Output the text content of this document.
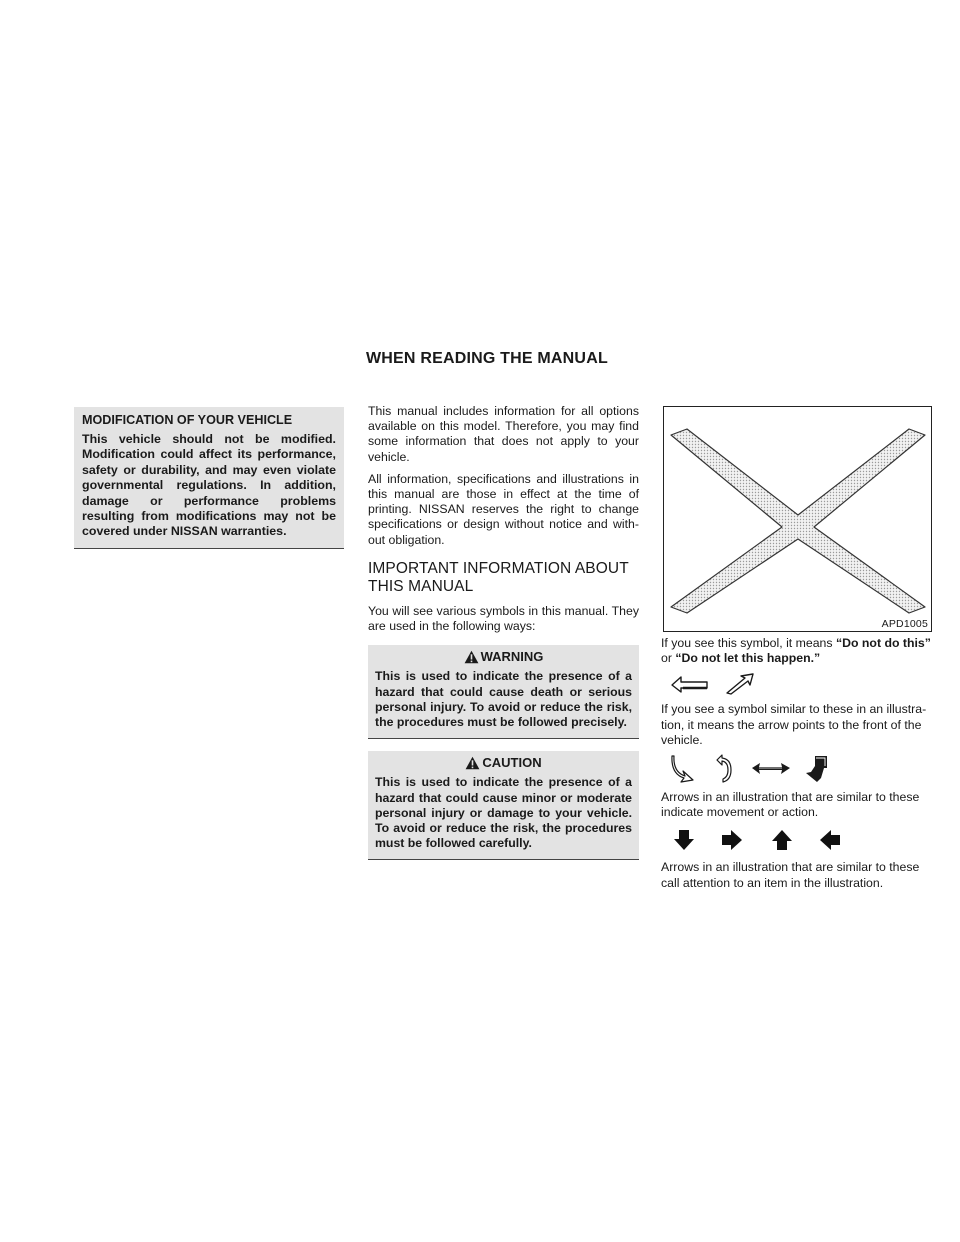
WHEN READING THE MANUAL
MODIFICATION OF YOUR VEHICLE

This vehicle should not be modified. Modification could affect its performance, safety or durability, and may even violate governmental regulations. In addition, damage or performance problems resulting from modifications may not be covered under NISSAN warranties.

This manual includes information for all options available on this model. Therefore, you may find some information that does not apply to your vehicle.

All information, specifications and illustrations in this manual are those in effect at the time of printing. NISSAN reserves the right to change specifications or design without notice and without obligation.

IMPORTANT INFORMATION ABOUT THIS MANUAL

You will see various symbols in this manual. They are used in the following ways:

WARNING
This is used to indicate the presence of a hazard that could cause death or serious personal injury. To avoid or reduce the risk, the procedures must be followed precisely.
CAUTION
This is used to indicate the presence of a hazard that could cause minor or moderate personal injury or damage to your vehicle. To avoid or reduce the risk, the procedures must be followed carefully.
APD1005

If you see this symbol, it means “Do not do this”
or “Do not let this happen.”

If you see a symbol similar to these in an illustration, it means the arrow points to the front of the vehicle.

Arrows in an illustration that are similar to these indicate movement or action.

Arrows in an illustration that are similar to these call attention to an item in the illustration.
